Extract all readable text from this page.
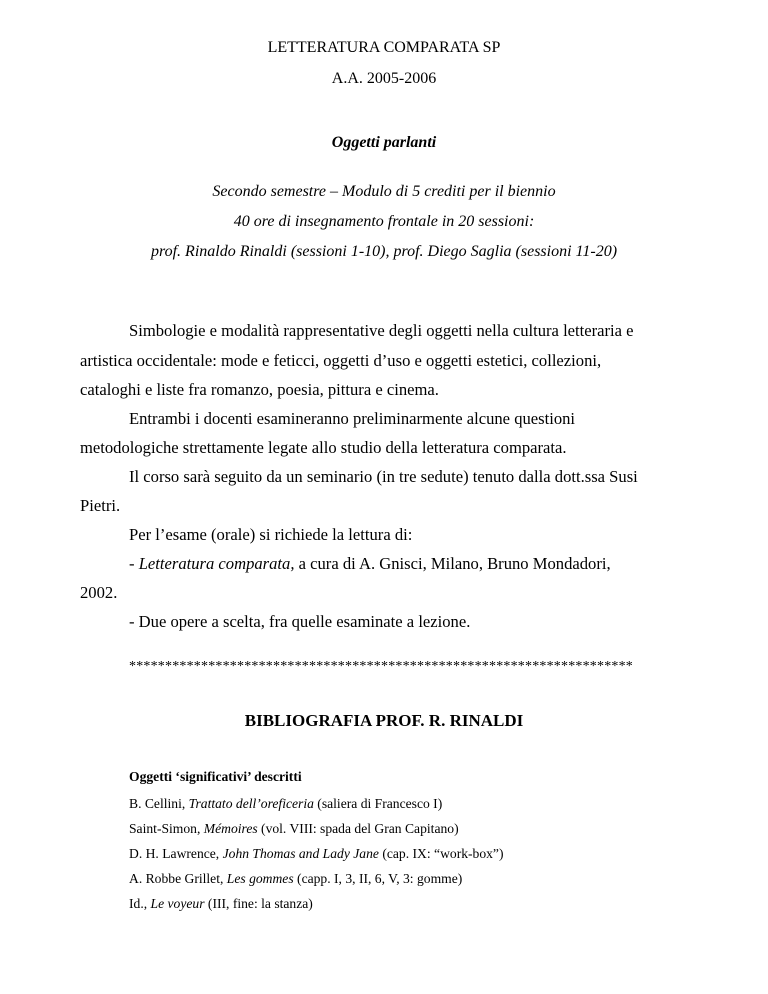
LETTERATURA COMPARATA SP
A.A. 2005-2006
Oggetti parlanti
Secondo semestre – Modulo di 5 crediti per il biennio
40 ore di insegnamento frontale in 20 sessioni:
prof. Rinaldo Rinaldi (sessioni 1-10), prof. Diego Saglia (sessioni 11-20)
Simbologie e modalità rappresentative degli oggetti nella cultura letteraria e
artistica occidentale: mode e feticci, oggetti d’uso e oggetti estetici, collezioni,
cataloghi e liste fra romanzo, poesia, pittura e cinema.
Entrambi i docenti esamineranno preliminarmente alcune questioni
metodologiche strettamente legate allo studio della letteratura comparata.
Il corso sarà seguito da un seminario (in tre sedute) tenuto dalla dott.ssa Susi
Pietri.
Per l’esame (orale) si richiede la lettura di:
- Letteratura comparata, a cura di A. Gnisci, Milano, Bruno Mondadori,
2002.
- Due opere a scelta, fra quelle esaminate a lezione.
**********************************************************************
BIBLIOGRAFIA PROF. R. RINALDI
Oggetti ‘significativi’ descritti
B. Cellini, Trattato dell’oreficeria (saliera di Francesco I)
Saint-Simon, Mémoires (vol. VIII: spada del Gran Capitano)
D. H. Lawrence, John Thomas and Lady Jane (cap. IX: “work-box”)
A. Robbe Grillet, Les gommes (capp. I, 3, II, 6, V, 3: gomme)
Id., Le voyeur (III, fine: la stanza)
